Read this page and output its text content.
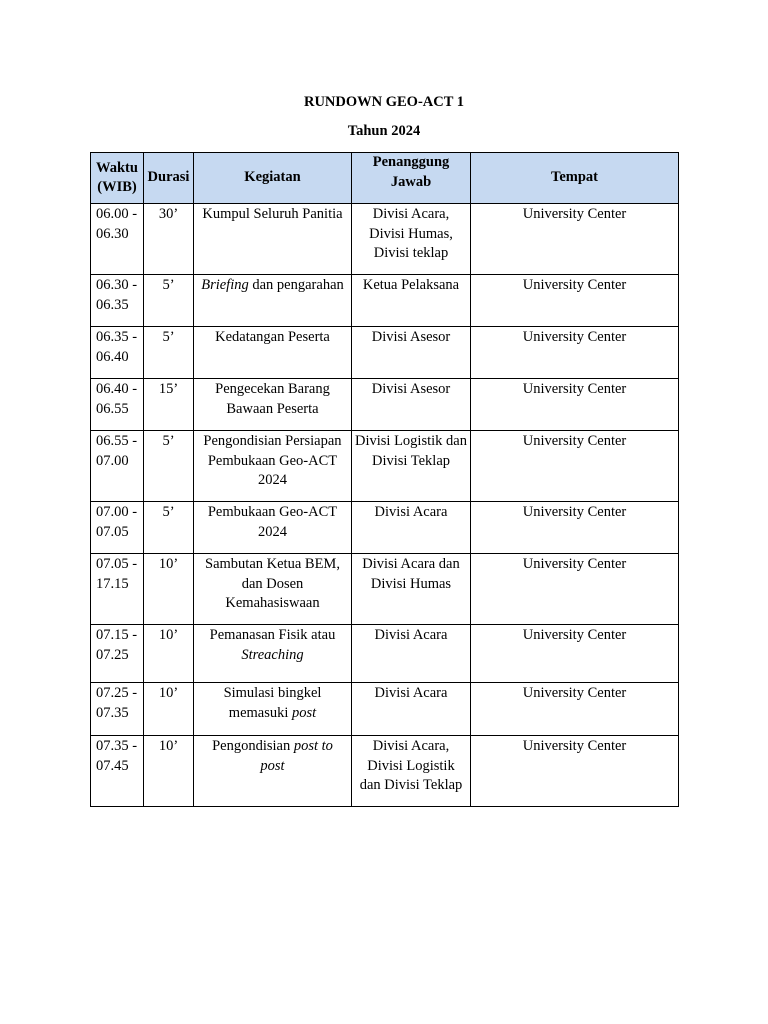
RUNDOWN GEO-ACT 1
Tahun 2024
Waktu
(WIB)	Durasi	Kegiatan	Penanggung
Jawab	Tempat

06.00 -
06.30	30’	Kumpul Seluruh Panitia	Divisi Acara,
Divisi Humas,
Divisi teklap	University Center

06.30 -
06.35	5’	Briefing dan pengarahan	Ketua Pelaksana	University Center

06.35 -
06.40	5’	Kedatangan Peserta	Divisi Asesor	University Center

06.40 -
06.55	15’	Pengecekan Barang
Bawaan Peserta	Divisi Asesor	University Center

06.55 -
07.00	5’	Pengondisian Persiapan
Pembukaan Geo-ACT
2024	Divisi Logistik dan
Divisi Teklap	University Center

07.00 -
07.05	5’	Pembukaan Geo-ACT
2024	Divisi Acara	University Center

07.05 -
17.15	10’	Sambutan Ketua BEM,
dan Dosen
Kemahasiswaan	Divisi Acara dan
Divisi Humas	University Center

07.15 -
07.25	10’	Pemanasan Fisik atau
Streaching	Divisi Acara	University Center

07.25 -
07.35	10’	Simulasi bingkel
memasuki post	Divisi Acara	University Center

07.35 -
07.45	10’	Pengondisian post to
post	Divisi Acara,
Divisi Logistik
dan Divisi Teklap	University Center
